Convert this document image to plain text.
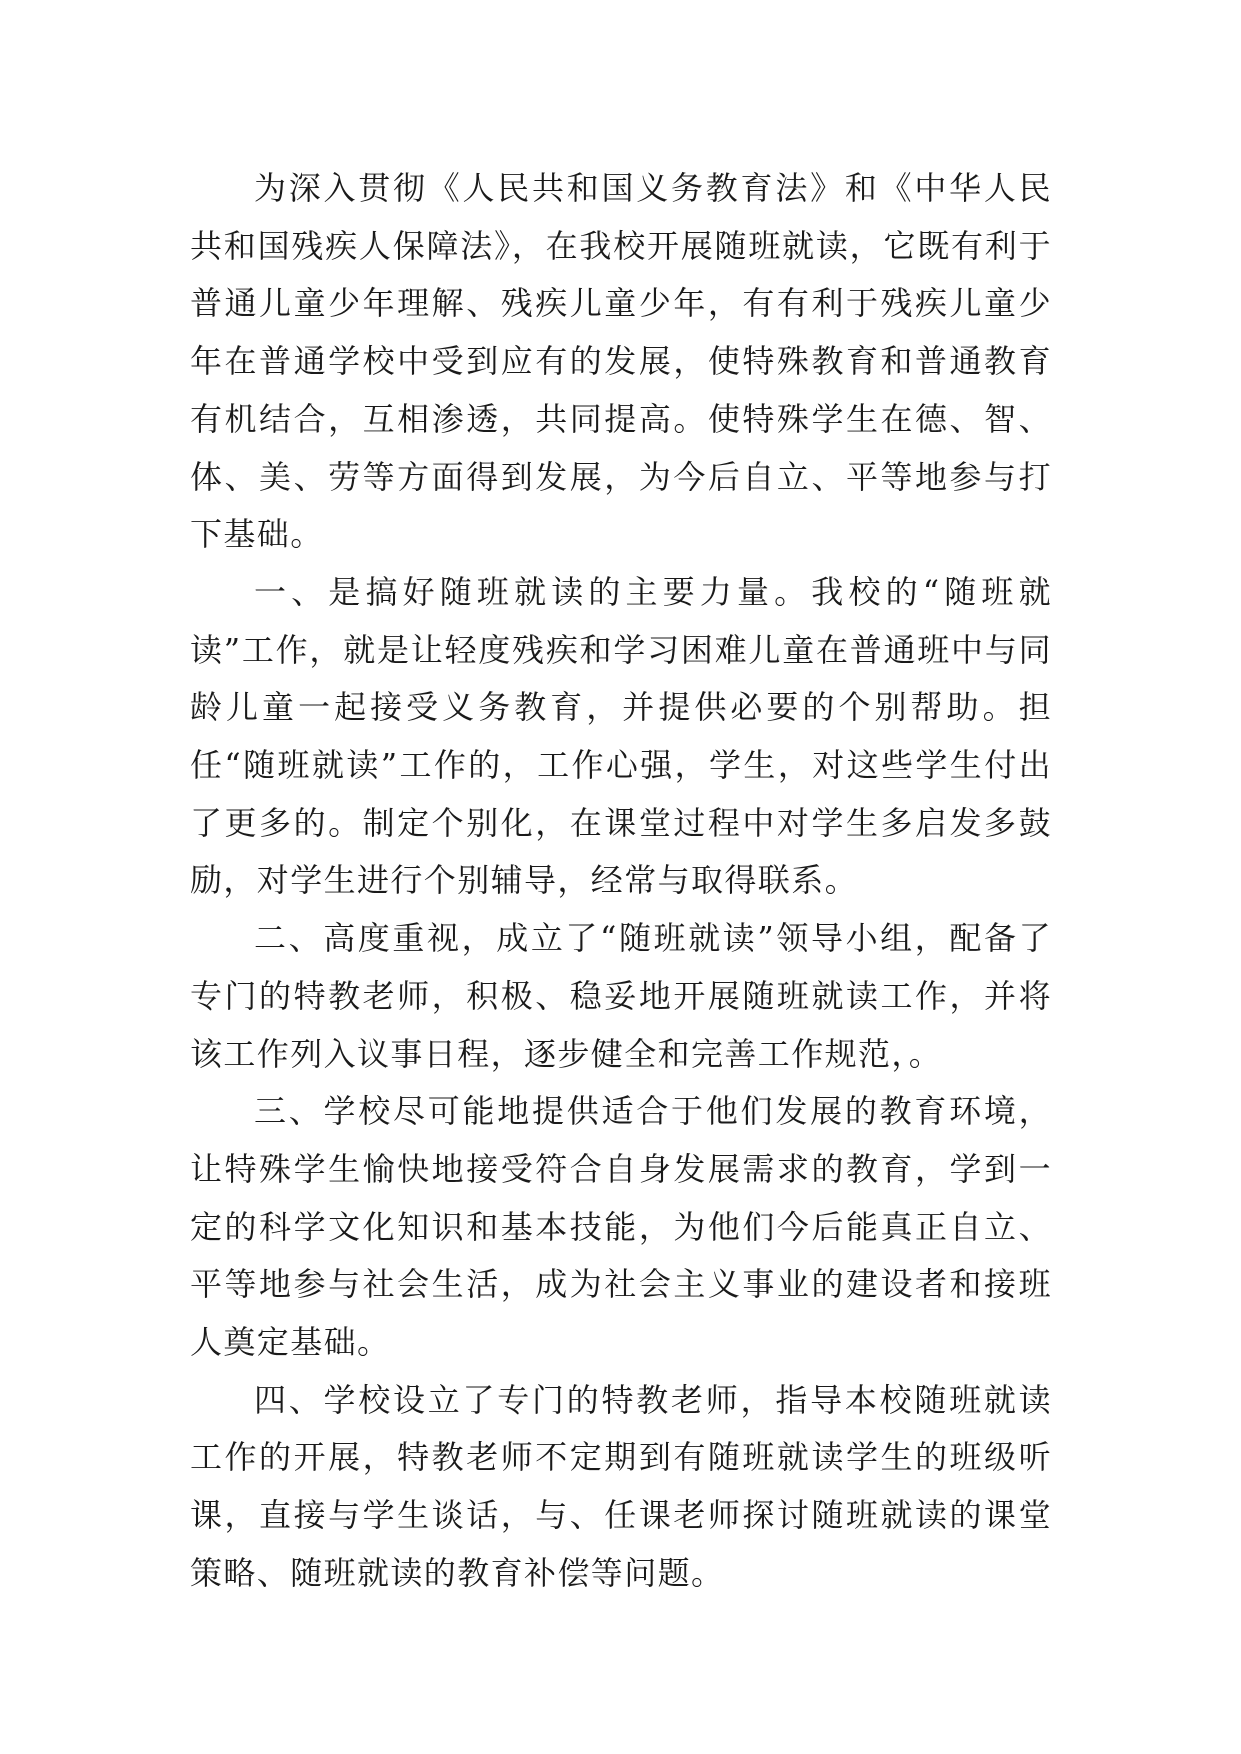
为深入贯彻《人民共和国义务教育法》和《中华人民共和国残疾人保障法》，在我校开展随班就读，它既有利于普通儿童少年理解、残疾儿童少年，有有利于残疾儿童少年在普通学校中受到应有的发展，使特殊教育和普通教育有机结合，互相渗透，共同提高。使特殊学生在德、智、体、美、劳等方面得到发展，为今后自立、平等地参与打下基础。

一、是搞好随班就读的主要力量。我校的“随班就读”工作，就是让轻度残疾和学习困难儿童在普通班中与同龄儿童一起接受义务教育，并提供必要的个别帮助。担任“随班就读”工作的，工作心强，学生，对这些学生付出了更多的。制定个别化，在课堂过程中对学生多启发多鼓励，对学生进行个别辅导，经常与取得联系。

二、高度重视，成立了“随班就读”领导小组，配备了专门的特教老师，积极、稳妥地开展随班就读工作，并将该工作列入议事日程，逐步健全和完善工作规范，。

三、学校尽可能地提供适合于他们发展的教育环境，让特殊学生愉快地接受符合自身发展需求的教育，学到一定的科学文化知识和基本技能，为他们今后能真正自立、平等地参与社会生活，成为社会主义事业的建设者和接班人奠定基础。

四、学校设立了专门的特教老师，指导本校随班就读工作的开展，特教老师不定期到有随班就读学生的班级听课，直接与学生谈话，与、任课老师探讨随班就读的课堂策略、随班就读的教育补偿等问题。
